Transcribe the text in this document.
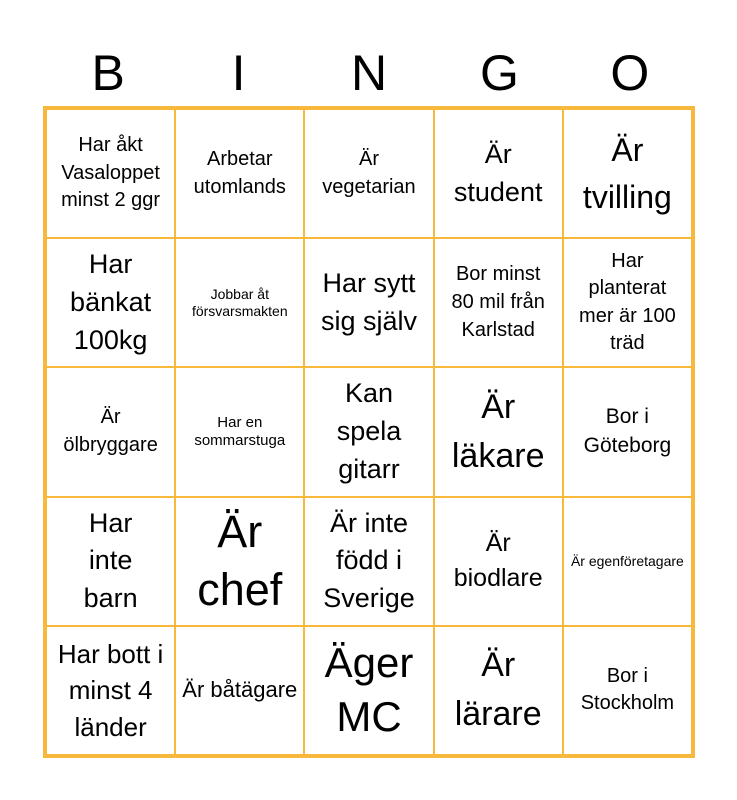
B	I	N	G	O
Har åkt Vasaloppet minst 2 ggr
Arbetar utomlands
Är vegetarian
Är student
Är tvilling
Har bänkat 100kg
Jobbar åt försvarsmakten
Har sytt sig själv
Bor minst 80 mil från Karlstad
Har planterat mer är 100 träd
Är ölbryggare
Har en sommarstuga
Kan spela gitarr
Är läkare
Bor i Göteborg
Har inte barn
Är chef
Är inte född i Sverige
Är biodlare
Är egenföretagare
Har bott i minst 4 länder
Är båtägare
Äger MC
Är lärare
Bor i Stockholm
